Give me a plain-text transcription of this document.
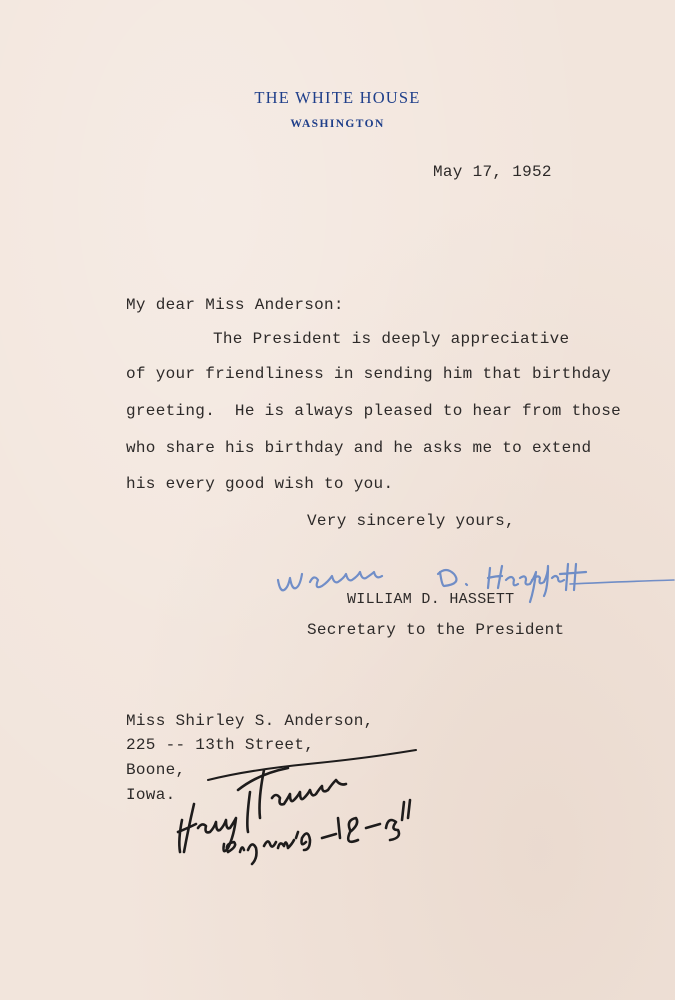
THE WHITE HOUSE
WASHINGTON
May 17, 1952
My dear Miss Anderson:
The President is deeply appreciative
of your friendliness in sending him that birthday
greeting.  He is always pleased to hear from those
who share his birthday and he asks me to extend
his every good wish to you.
Very sincerely yours,
WILLIAM D. HASSETT
Secretary to the President
Miss Shirley S. Anderson,
225 -- 13th Street,
Boone,
Iowa.
